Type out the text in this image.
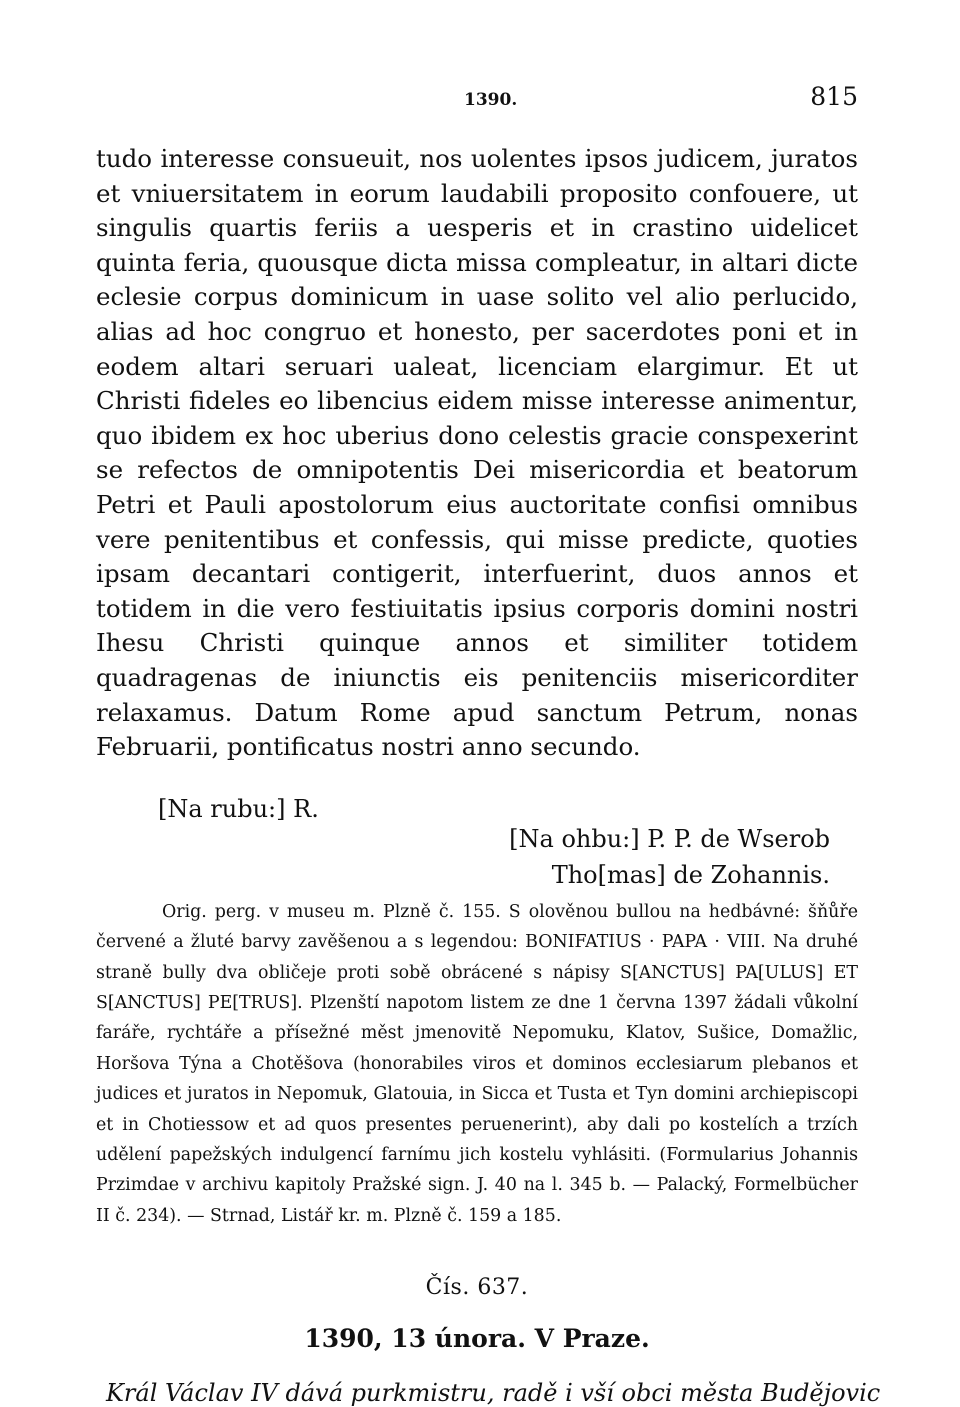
1390.	815

tudo interesse consueuit, nos uolentes ipsos judicem, juratos et vniuersitatem in eorum laudabili proposito confouere, ut singulis quartis feriis a uesperis et in crastino uidelicet quinta feria, quousque dicta missa compleatur, in altari dicte eclesie corpus dominicum in uase solito vel alio perlucido, alias ad hoc congruo et honesto, per sacerdotes poni et in eodem altari seruari ualeat, licenciam elargimur. Et ut Christi fideles eo libencius eidem misse interesse animentur, quo ibidem ex hoc uberius dono celestis gracie conspexerint se refectos de omnipotentis Dei misericordia et beatorum Petri et Pauli apostolorum eius auctoritate confisi omnibus vere penitentibus et confessis, qui misse predicte, quoties ipsam decantari contigerit, interfuerint, duos annos et totidem in die vero festiuitatis ipsius corporis domini nostri Ihesu Christi quinque annos et similiter totidem quadragenas de iniunctis eis penitenciis misericorditer relaxamus. Datum Rome apud sanctum Petrum, nonas Februarii, pontificatus nostri anno secundo.

[Na rubu:] R.
[Na ohbu:] P. P. de Wserob
Tho[mas] de Zohannis.
Orig. perg. v museu m. Plzně č. 155. S olověnou bullou na hedbávné: šňůře červené a žluté barvy zavěšenou a s legendou: BONIFATIUS · PAPA · VIII. Na druhé straně bully dva obličeje proti sobě obrácené s nápisy S[ANCTUS] PA[ULUS] ET S[ANCTUS] PE[TRUS]. Plzenští napotom listem ze dne 1 června 1397 žádali vůkolní faráře, rychtáře a přísežné měst jmenovitě Nepomuku, Klatov, Sušice, Domažlic, Horšova Týna a Chotěšova (honorabiles viros et dominos ecclesiarum plebanos et judices et juratos in Nepomuk, Glatouia, in Sicca et Tusta et Tyn domini archiepiscopi et in Chotiessow et ad quos presentes peruenerint), aby dali po kostelích a trzích udělení papežských indulgencí farnímu jich kostelu vyhlásiti. (Formularius Johannis Przimdae v archivu kapitoly Pražské sign. J. 40 na l. 345 b. — Palacký, Formelbücher II č. 234). — Strnad, Listář kr. m. Plzně č. 159 a 185.
Čís. 637.
1390, 13 února. V Praze.
Král Václav IV dává purkmistru, radě i vší obci města Budějovic
